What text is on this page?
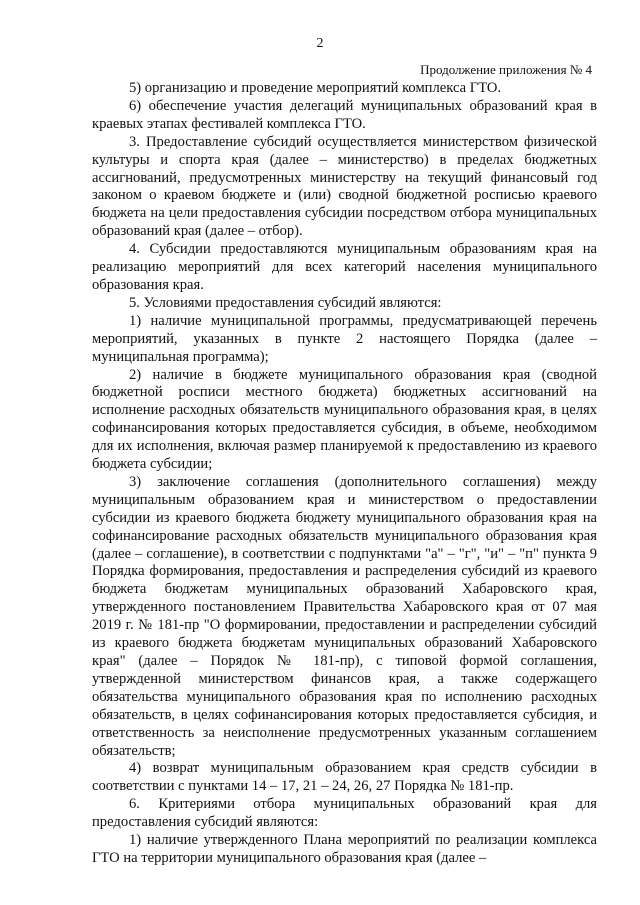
2
Продолжение приложения № 4

5) организацию и проведение мероприятий комплекса ГТО.

6) обеспечение участия делегаций муниципальных образований края в краевых этапах фестивалей комплекса ГТО.

3. Предоставление субсидий осуществляется министерством физической культуры и спорта края (далее – министерство) в пределах бюджетных ассигнований, предусмотренных министерству на текущий финансовый год законом о краевом бюджете и (или) сводной бюджетной росписью краевого бюджета на цели предоставления субсидии посредством отбора муниципальных образований края (далее – отбор).

4. Субсидии предоставляются муниципальным образованиям края на реализацию мероприятий для всех категорий населения муниципального образования края.

5. Условиями предоставления субсидий являются:

1) наличие муниципальной программы, предусматривающей перечень мероприятий, указанных в пункте 2 настоящего Порядка (далее – муниципальная программа);

2) наличие в бюджете муниципального образования края (сводной бюджетной росписи местного бюджета) бюджетных ассигнований на исполнение расходных обязательств муниципального образования края, в целях софинансирования которых предоставляется субсидия, в объеме, необходимом для их исполнения, включая размер планируемой к предоставлению из краевого бюджета субсидии;

3) заключение соглашения (дополнительного соглашения) между муниципальным образованием края и министерством о предоставлении субсидии из краевого бюджета бюджету муниципального образования края на софинансирование расходных обязательств муниципального образования края (далее – соглашение), в соответствии с подпунктами "а" – "г", "и" – "п" пункта 9 Порядка формирования, предоставления и распределения субсидий из краевого бюджета бюджетам муниципальных образований Хабаровского края, утвержденного постановлением Правительства Хабаровского края от 07 мая 2019 г. № 181-пр "О формировании, предоставлении и распределении субсидий из краевого бюджета бюджетам муниципальных образований Хабаровского края" (далее – Порядок № 181-пр), с типовой формой соглашения, утвержденной министерством финансов края, а также содержащего обязательства муниципального образования края по исполнению расходных обязательств, в целях софинансирования которых предоставляется субсидия, и ответственность за неисполнение предусмотренных указанным соглашением обязательств;

4) возврат муниципальным образованием края средств субсидии в соответствии с пунктами 14 – 17, 21 – 24, 26, 27 Порядка № 181-пр.

6. Критериями отбора муниципальных образований края для предоставления субсидий являются:

1) наличие утвержденного Плана мероприятий по реализации комплекса ГТО на территории муниципального образования края (далее –
